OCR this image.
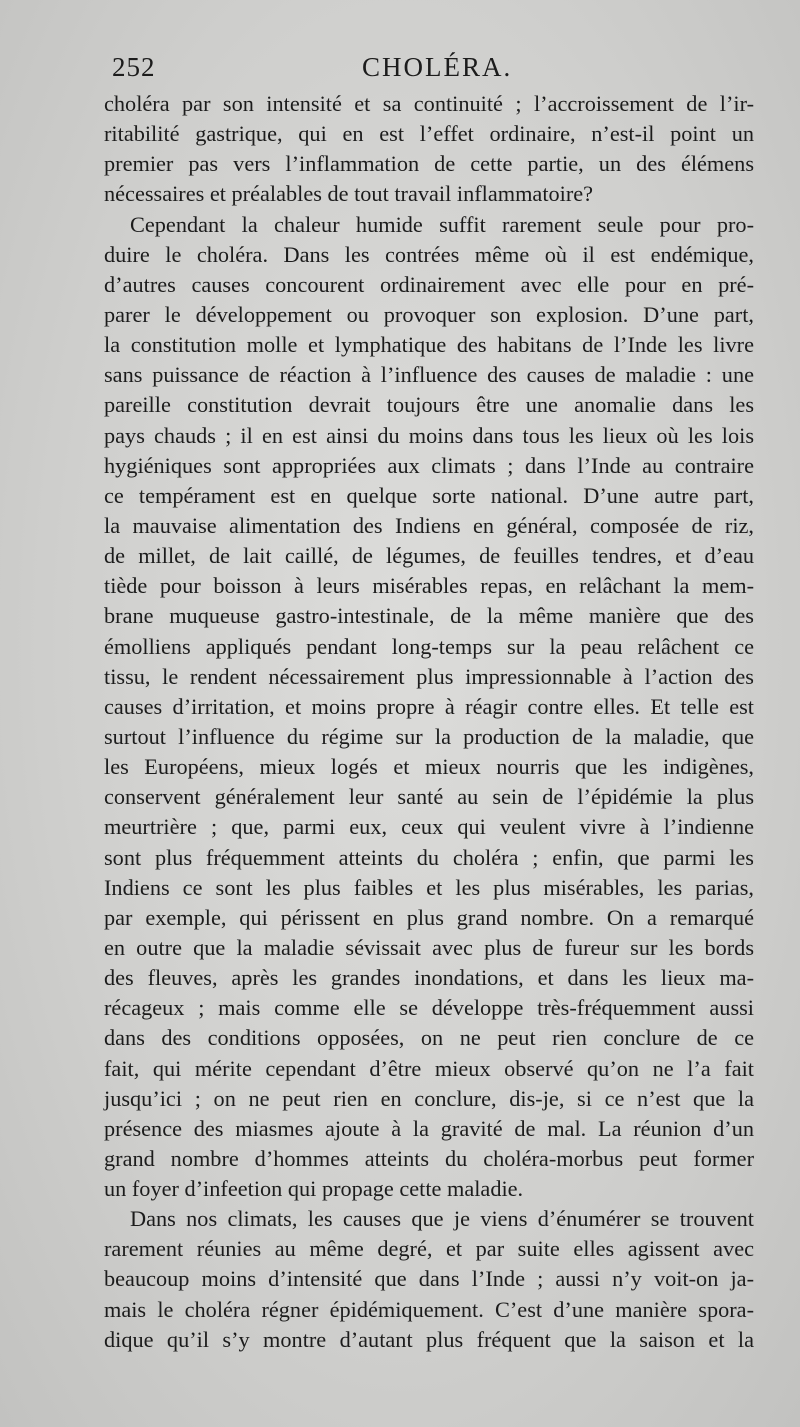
252	CHOLÉRA.
choléra par son intensité et sa continuité ; l’accroissement de l’ir-
ritabilité gastrique, qui en est l’effet ordinaire, n’est-il point un
premier pas vers l’inflammation de cette partie, un des élémens
nécessaires et préalables de tout travail inflammatoire?
Cependant la chaleur humide suffit rarement seule pour pro-
duire le choléra. Dans les contrées même où il est endémique,
d’autres causes concourent ordinairement avec elle pour en pré-
parer le développement ou provoquer son explosion. D’une part,
la constitution molle et lymphatique des habitans de l’Inde les livre
sans puissance de réaction à l’influence des causes de maladie : une
pareille constitution devrait toujours être une anomalie dans les
pays chauds ; il en est ainsi du moins dans tous les lieux où les lois
hygiéniques sont appropriées aux climats ; dans l’Inde au contraire
ce tempérament est en quelque sorte national. D’une autre part,
la mauvaise alimentation des Indiens en général, composée de riz,
de millet, de lait caillé, de légumes, de feuilles tendres, et d’eau
tiède pour boisson à leurs misérables repas, en relâchant la mem-
brane muqueuse gastro-intestinale, de la même manière que des
émolliens appliqués pendant long-temps sur la peau relâchent ce
tissu, le rendent nécessairement plus impressionnable à l’action des
causes d’irritation, et moins propre à réagir contre elles. Et telle est
surtout l’influence du régime sur la production de la maladie, que
les Européens, mieux logés et mieux nourris que les indigènes,
conservent généralement leur santé au sein de l’épidémie la plus
meurtrière ; que, parmi eux, ceux qui veulent vivre à l’indienne
sont plus fréquemment atteints du choléra ; enfin, que parmi les
Indiens ce sont les plus faibles et les plus misérables, les parias,
par exemple, qui périssent en plus grand nombre. On a remarqué
en outre que la maladie sévissait avec plus de fureur sur les bords
des fleuves, après les grandes inondations, et dans les lieux ma-
récageux ; mais comme elle se développe très-fréquemment aussi
dans des conditions opposées, on ne peut rien conclure de ce
fait, qui mérite cependant d’être mieux observé qu’on ne l’a fait
jusqu’ici ; on ne peut rien en conclure, dis-je, si ce n’est que la
présence des miasmes ajoute à la gravité de mal. La réunion d’un
grand nombre d’hommes atteints du choléra-morbus peut former
un foyer d’infeetion qui propage cette maladie.
Dans nos climats, les causes que je viens d’énumérer se trouvent
rarement réunies au même degré, et par suite elles agissent avec
beaucoup moins d’intensité que dans l’Inde ; aussi n’y voit-on ja-
mais le choléra régner épidémiquement. C’est d’une manière spora-
dique qu’il s’y montre d’autant plus fréquent que la saison et la
